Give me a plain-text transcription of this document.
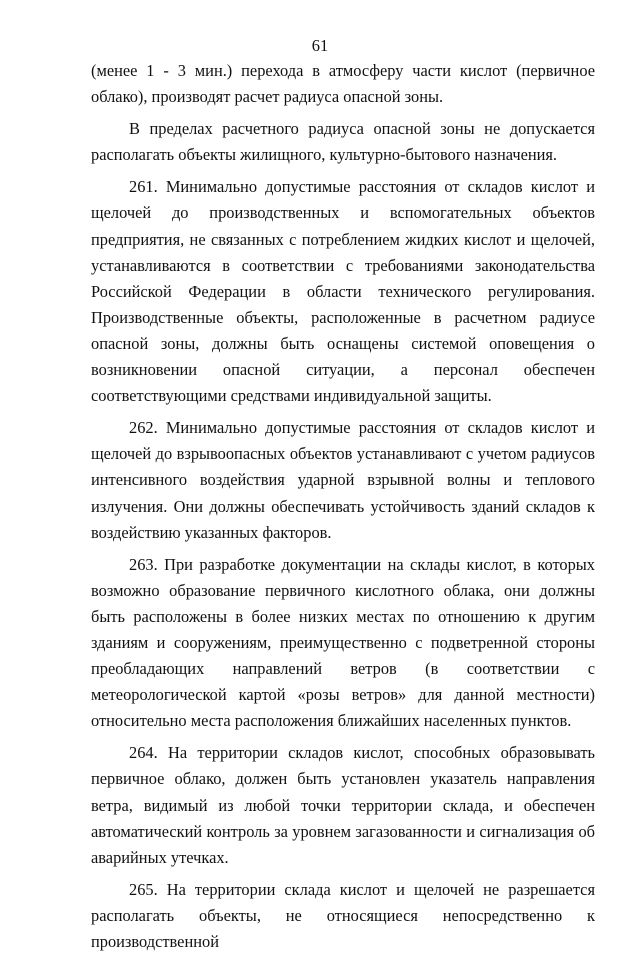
61

(менее 1 - 3 мин.) перехода в атмосферу части кислот (первичное облако), производят расчет радиуса опасной зоны.

В пределах расчетного радиуса опасной зоны не допускается располагать объекты жилищного, культурно-бытового назначения.

261. Минимально допустимые расстояния от складов кислот и щелочей до производственных и вспомогательных объектов предприятия, не связанных с потреблением жидких кислот и щелочей, устанавливаются в соответствии с требованиями законодательства Российской Федерации в области технического регулирования. Производственные объекты, расположенные в расчетном радиусе опасной зоны, должны быть оснащены системой оповещения о возникновении опасной ситуации, а персонал обеспечен соответствующими средствами индивидуальной защиты.

262. Минимально допустимые расстояния от складов кислот и щелочей до взрывоопасных объектов устанавливают с учетом радиусов интенсивного воздействия ударной взрывной волны и теплового излучения. Они должны обеспечивать устойчивость зданий складов к воздействию указанных факторов.

263. При разработке документации на склады кислот, в которых возможно образование первичного кислотного облака, они должны быть расположены в более низких местах по отношению к другим зданиям и сооружениям, преимущественно с подветренной стороны преобладающих направлений ветров (в соответствии с метеорологической картой «розы ветров» для данной местности) относительно места расположения ближайших населенных пунктов.

264. На территории складов кислот, способных образовывать первичное облако, должен быть установлен указатель направления ветра, видимый из любой точки территории склада, и обеспечен автоматический контроль за уровнем загазованности и сигнализация об аварийных утечках.

265. На территории склада кислот и щелочей не разрешается располагать объекты, не относящиеся непосредственно к производственной
